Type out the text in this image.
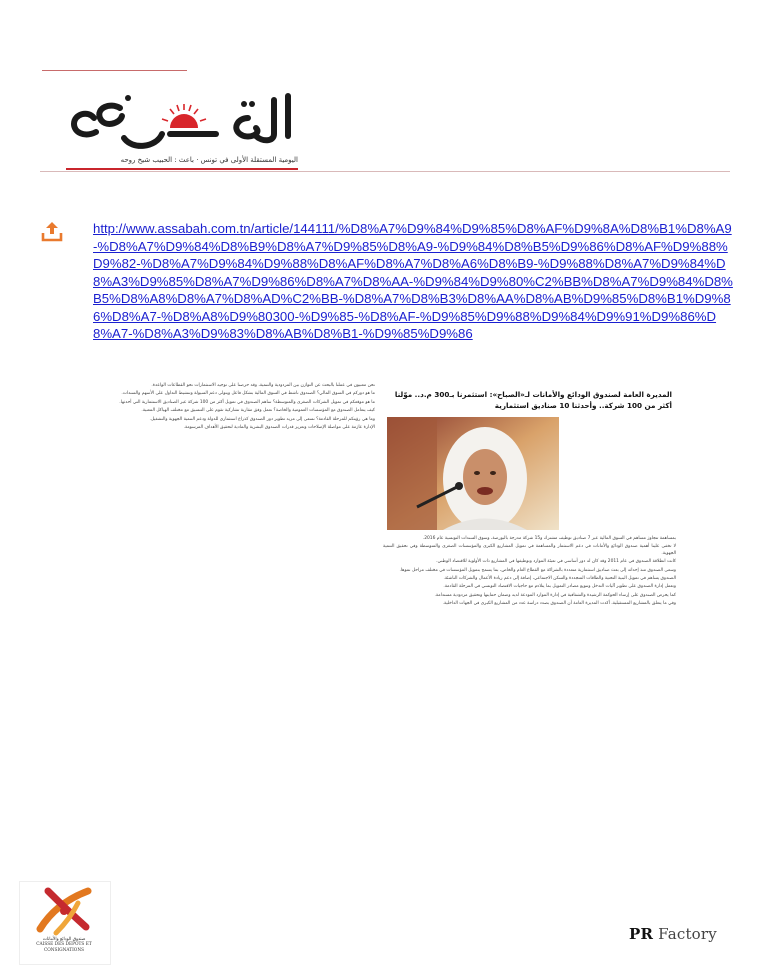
اليومية المستقلة الأولى في تونس · باعث : الحبيب شيخ روحه
http://www.assabah.com.tn/article/144111/%D8%A7%D9%84%D9%85%D8%AF%D9%8A%D8%B1%D8%A9-%D8%A7%D9%84%D8%B9%D8%A7%D9%85%D8%A9-%D9%84%D8%B5%D9%86%D8%AF%D9%88%D9%82-%D8%A7%D9%84%D9%88%D8%AF%D8%A7%D8%A6%D8%B9-%D9%88%D8%A7%D9%84%D8%A3%D9%85%D8%A7%D9%86%D8%A7%D8%AA-%D9%84%D9%80%C2%BB%D8%A7%D9%84%D8%B5%D8%A8%D8%A7%D8%AD%C2%BB-%D8%A7%D8%B3%D8%AA%D8%AB%D9%85%D8%B1%D9%86%D8%A7-%D8%A8%D9%80300-%D9%85-%D8%AF-%D9%85%D9%88%D9%84%D9%91%D9%86%D8%A7-%D8%A3%D9%83%D8%AB%D8%B1-%D9%85%D9%86

نحن معنيون في عملنا بالبحث عن التوازن بين المردودية والتنمية، وقد حرصنا على توجيه الاستثمارات نحو القطاعات الواعدة.

ما هو دوركم في السوق المالي؟ الصندوق ناشط في السوق المالية بشكل فاعل ويتولى دعم السيولة وتنشيط التداول على الأسهم والسندات.

ما هو موقعكم في تمويل الشركات الصغرى والمتوسطة؟ ساهم الصندوق في تمويل أكثر من 100 شركة عبر الصناديق الاستثمارية التي أحدثها.

كيف يتعامل الصندوق مع المؤسسات العمومية والخاصة؟ نعمل وفق مقاربة تشاركية تقوم على التنسيق مع مختلف الهياكل المعنية.

وما هي رؤيتكم للمرحلة القادمة؟ نسعى إلى مزيد تطوير دور الصندوق كذراع استثماري للدولة ودعم التنمية الجهوية والتشغيل.

الإدارة عازمة على مواصلة الإصلاحات وتعزيز قدرات الصندوق البشرية والمادية لتحقيق الأهداف المرسومة.

المديرة العامة لصندوق الودائع والأمانات لـ«الصباح»: استثمرنا بـ300 م.د.. موّلنا أكثر من 100 شركة.. وأحدثنا 10 صناديق استثمارية

بمساهمة تتجاوز مساهم في السوق المالية عبر 7 صناديق توظيف مشترك و15 شركة مدرجة بالبورصة، وسوق السندات التونسية عام 2016.

لا تخفى علينا أهمية صندوق الودائع والأمانات في دعم الاستثمار والمساهمة في تمويل المشاريع الكبرى والمؤسسات الصغرى والمتوسطة وفي تحقيق التنمية الجهوية.

كانت انطلاقة الصندوق في عام 2011 وقد كان له دور أساسي في تعبئة الموارد وتوظيفها في المشاريع ذات الأولوية للاقتصاد الوطني.

وسعى الصندوق منذ إحداثه إلى بعث صناديق استثمارية متعددة بالشراكة مع القطاع العام والخاص، بما يسمح بتمويل المؤسسات في مختلف مراحل نموها.

الصندوق يساهم في تمويل البنية التحتية والطاقات المتجددة والسكن الاجتماعي، إضافة إلى دعم ريادة الأعمال والشركات الناشئة.

وتعمل إدارة الصندوق على تطوير آليات التدخل وتنويع مصادر التمويل بما يتلاءم مع حاجيات الاقتصاد التونسي في المرحلة القادمة.

كما يحرص الصندوق على إرساء الحوكمة الرشيدة والشفافية في إدارة الموارد المودعة لديه وضمان حمايتها وتحقيق مردودية مستدامة.

وفي ما يتعلق بالمشاريع المستقبلية، أكدت المديرة العامة أن الصندوق بصدد دراسة عدد من المشاريع الكبرى في الجهات الداخلية.

صندوق الودائع والأمانات
CAISSE DES DEPOTS ET CONSIGNATIONS
PR Factory
